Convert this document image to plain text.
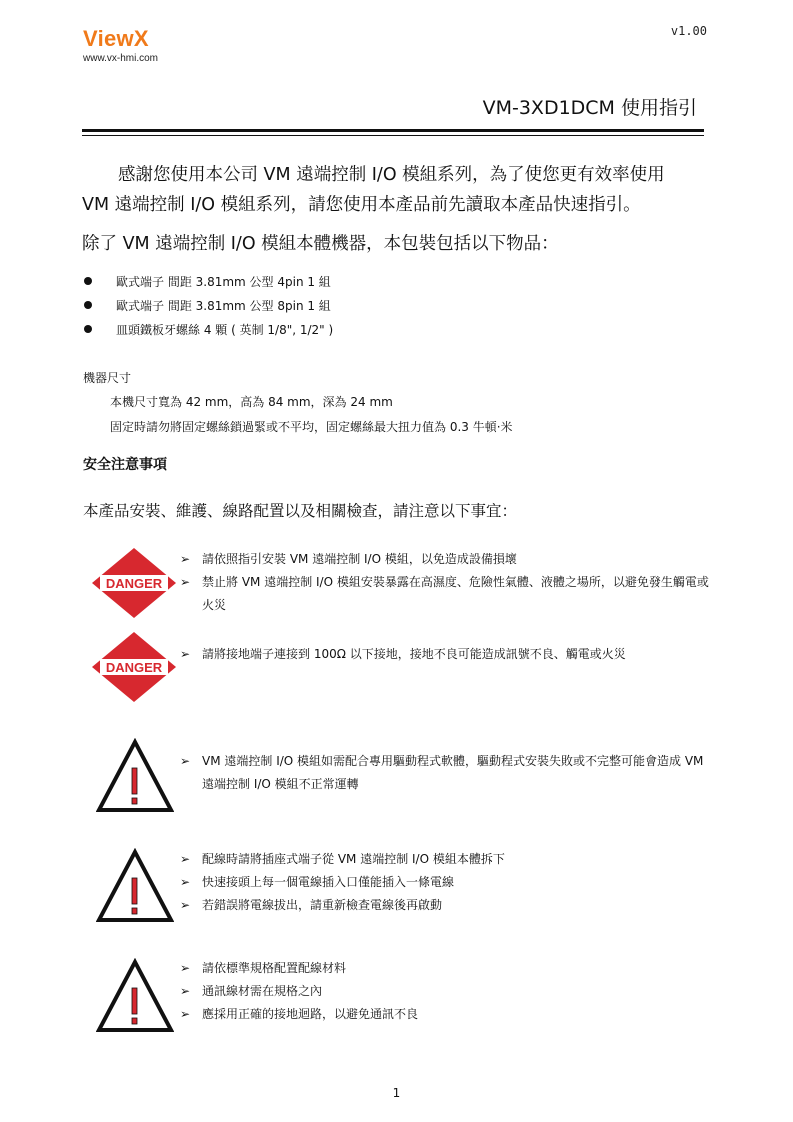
ViewX
www.vx-hmi.com
v1.00
VM-3XD1DCM 使用指引
感謝您使用本公司 VM 遠端控制 I/O 模組系列，為了使您更有效率使用
VM 遠端控制 I/O 模組系列，請您使用本產品前先讀取本產品快速指引。
除了 VM 遠端控制 I/O 模組本體機器，本包裝包括以下物品：
歐式端子 間距 3.81mm 公型 4pin 1 組
歐式端子 間距 3.81mm 公型 8pin 1 組
皿頭鐵板牙螺絲 4 顆 ( 英制 1/8", 1/2" )
機器尺寸
本機尺寸寬為 42 mm，高為 84 mm，深為 24 mm
固定時請勿將固定螺絲鎖過緊或不平均，固定螺絲最大扭力值為 0.3 牛頓·米
安全注意事項
本產品安裝、維護、線路配置以及相關檢查，請注意以下事宜：
DANGER
➢ 請依照指引安裝 VM 遠端控制 I/O 模組，以免造成設備損壞
➢ 禁止將 VM 遠端控制 I/O 模組安裝暴露在高濕度、危險性氣體、液體之場所，以避免發生觸電或火災
DANGER
➢ 請將接地端子連接到 100Ω 以下接地，接地不良可能造成訊號不良、觸電或火災
➢ VM 遠端控制 I/O 模組如需配合專用驅動程式軟體，驅動程式安裝失敗或不完整可能會造成 VM 遠端控制 I/O 模組不正常運轉
➢ 配線時請將插座式端子從 VM 遠端控制 I/O 模組本體拆下
➢ 快速接頭上每一個電線插入口僅能插入一條電線
➢ 若錯誤將電線拔出，請重新檢查電線後再啟動
➢ 請依標準規格配置配線材料
➢ 通訊線材需在規格之內
➢ 應採用正確的接地迴路，以避免通訊不良
1
